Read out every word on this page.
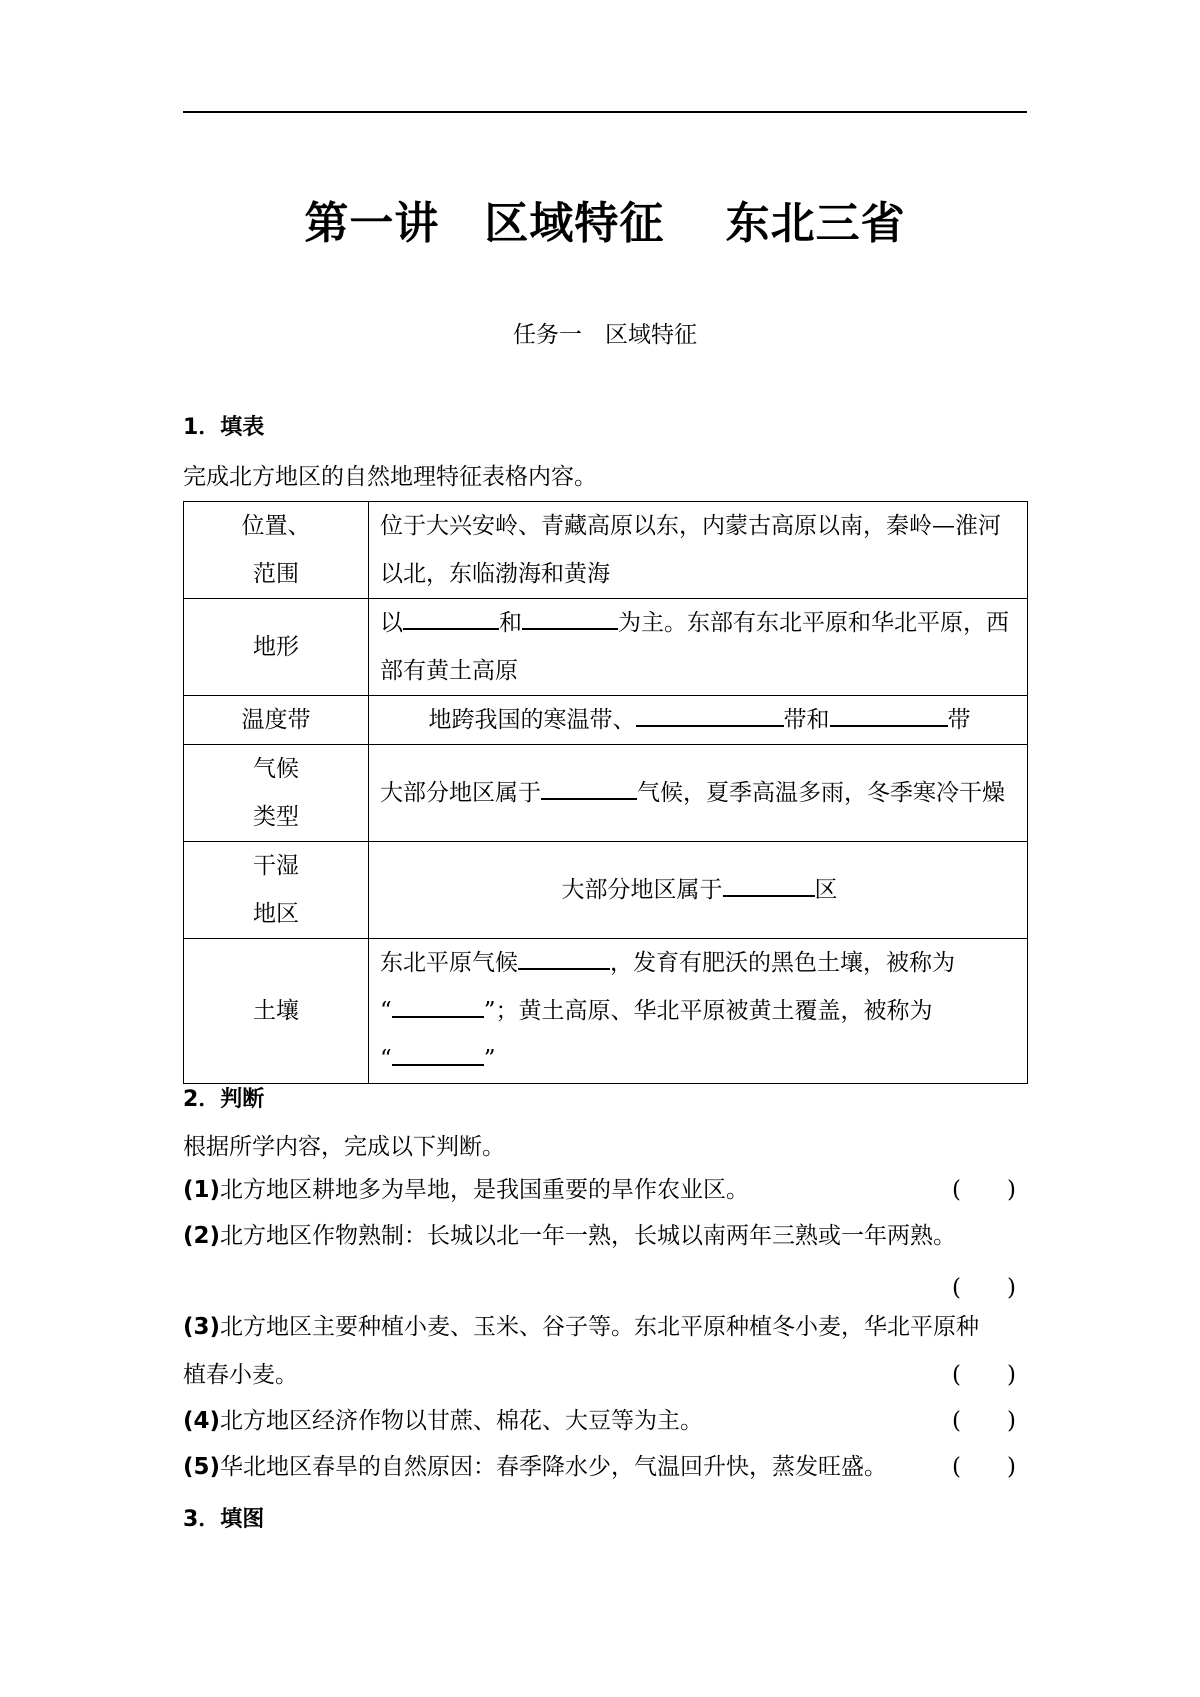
第一讲　区域特征　 东北三省
任务一　区域特征
1．填表
完成北方地区的自然地理特征表格内容。
位置、
范围	位于大兴安岭、青藏高原以东，内蒙古高原以南，秦岭—淮河以北，东临渤海和黄海
地形	以 和 为主。东部有东北平原和华北平原，西部有黄土高原
温度带	地跨我国的寒温带、 带和 带

气候
类型	大部分地区属于 气候，夏季高温多雨，冬季寒冷干燥

干湿
地区	大部分地区属于 区
土壤	东北平原气候 ，发育有肥沃的黑色土壤，被称为
“ ”；黄土高原、华北平原被黄土覆盖，被称为
“ ”
2．判断
根据所学内容，完成以下判断。
(1)北方地区耕地多为旱地，是我国重要的旱作农业区。	(　　)
(2)北方地区作物熟制：长城以北一年一熟，长城以南两年三熟或一年两熟。
(　　)
(3)北方地区主要种植小麦、玉米、谷子等。东北平原种植冬小麦，华北平原种
植春小麦。	(　　)
(4)北方地区经济作物以甘蔗、棉花、大豆等为主。	(　　)
(5)华北地区春旱的自然原因：春季降水少，气温回升快，蒸发旺盛。	(　　)
3．填图
